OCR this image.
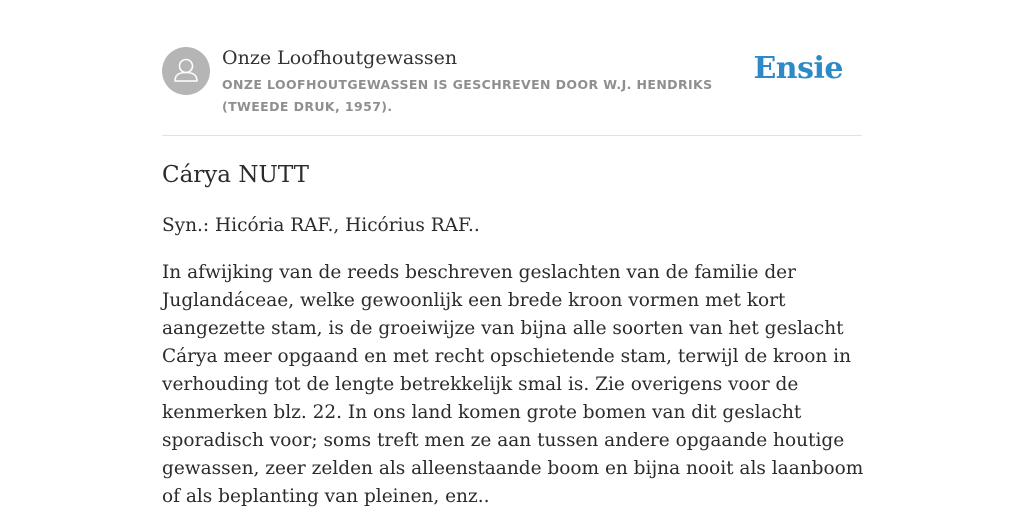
Onze Loofhoutgewassen
ONZE LOOFHOUTGEWASSEN IS GESCHREVEN DOOR W.J. HENDRIKS (TWEEDE DRUK, 1957).
Ensie
Cárya NUTT
Syn.: Hicória RAF., Hicórius RAF..
In afwijking van de reeds beschreven geslachten van de familie der Juglandáceae, welke gewoonlijk een brede kroon vormen met kort aangezette stam, is de groeiwijze van bijna alle soorten van het geslacht Cárya meer opgaand en met recht opschietende stam, terwijl de kroon in verhouding tot de lengte betrekkelijk smal is. Zie overigens voor de kenmerken blz. 22. In ons land komen grote bomen van dit geslacht sporadisch voor; soms treft men ze aan tussen andere opgaande houtige gewassen, zeer zelden als alleenstaande boom en bijna nooit als laanboom of als beplanting van pleinen, enz..
